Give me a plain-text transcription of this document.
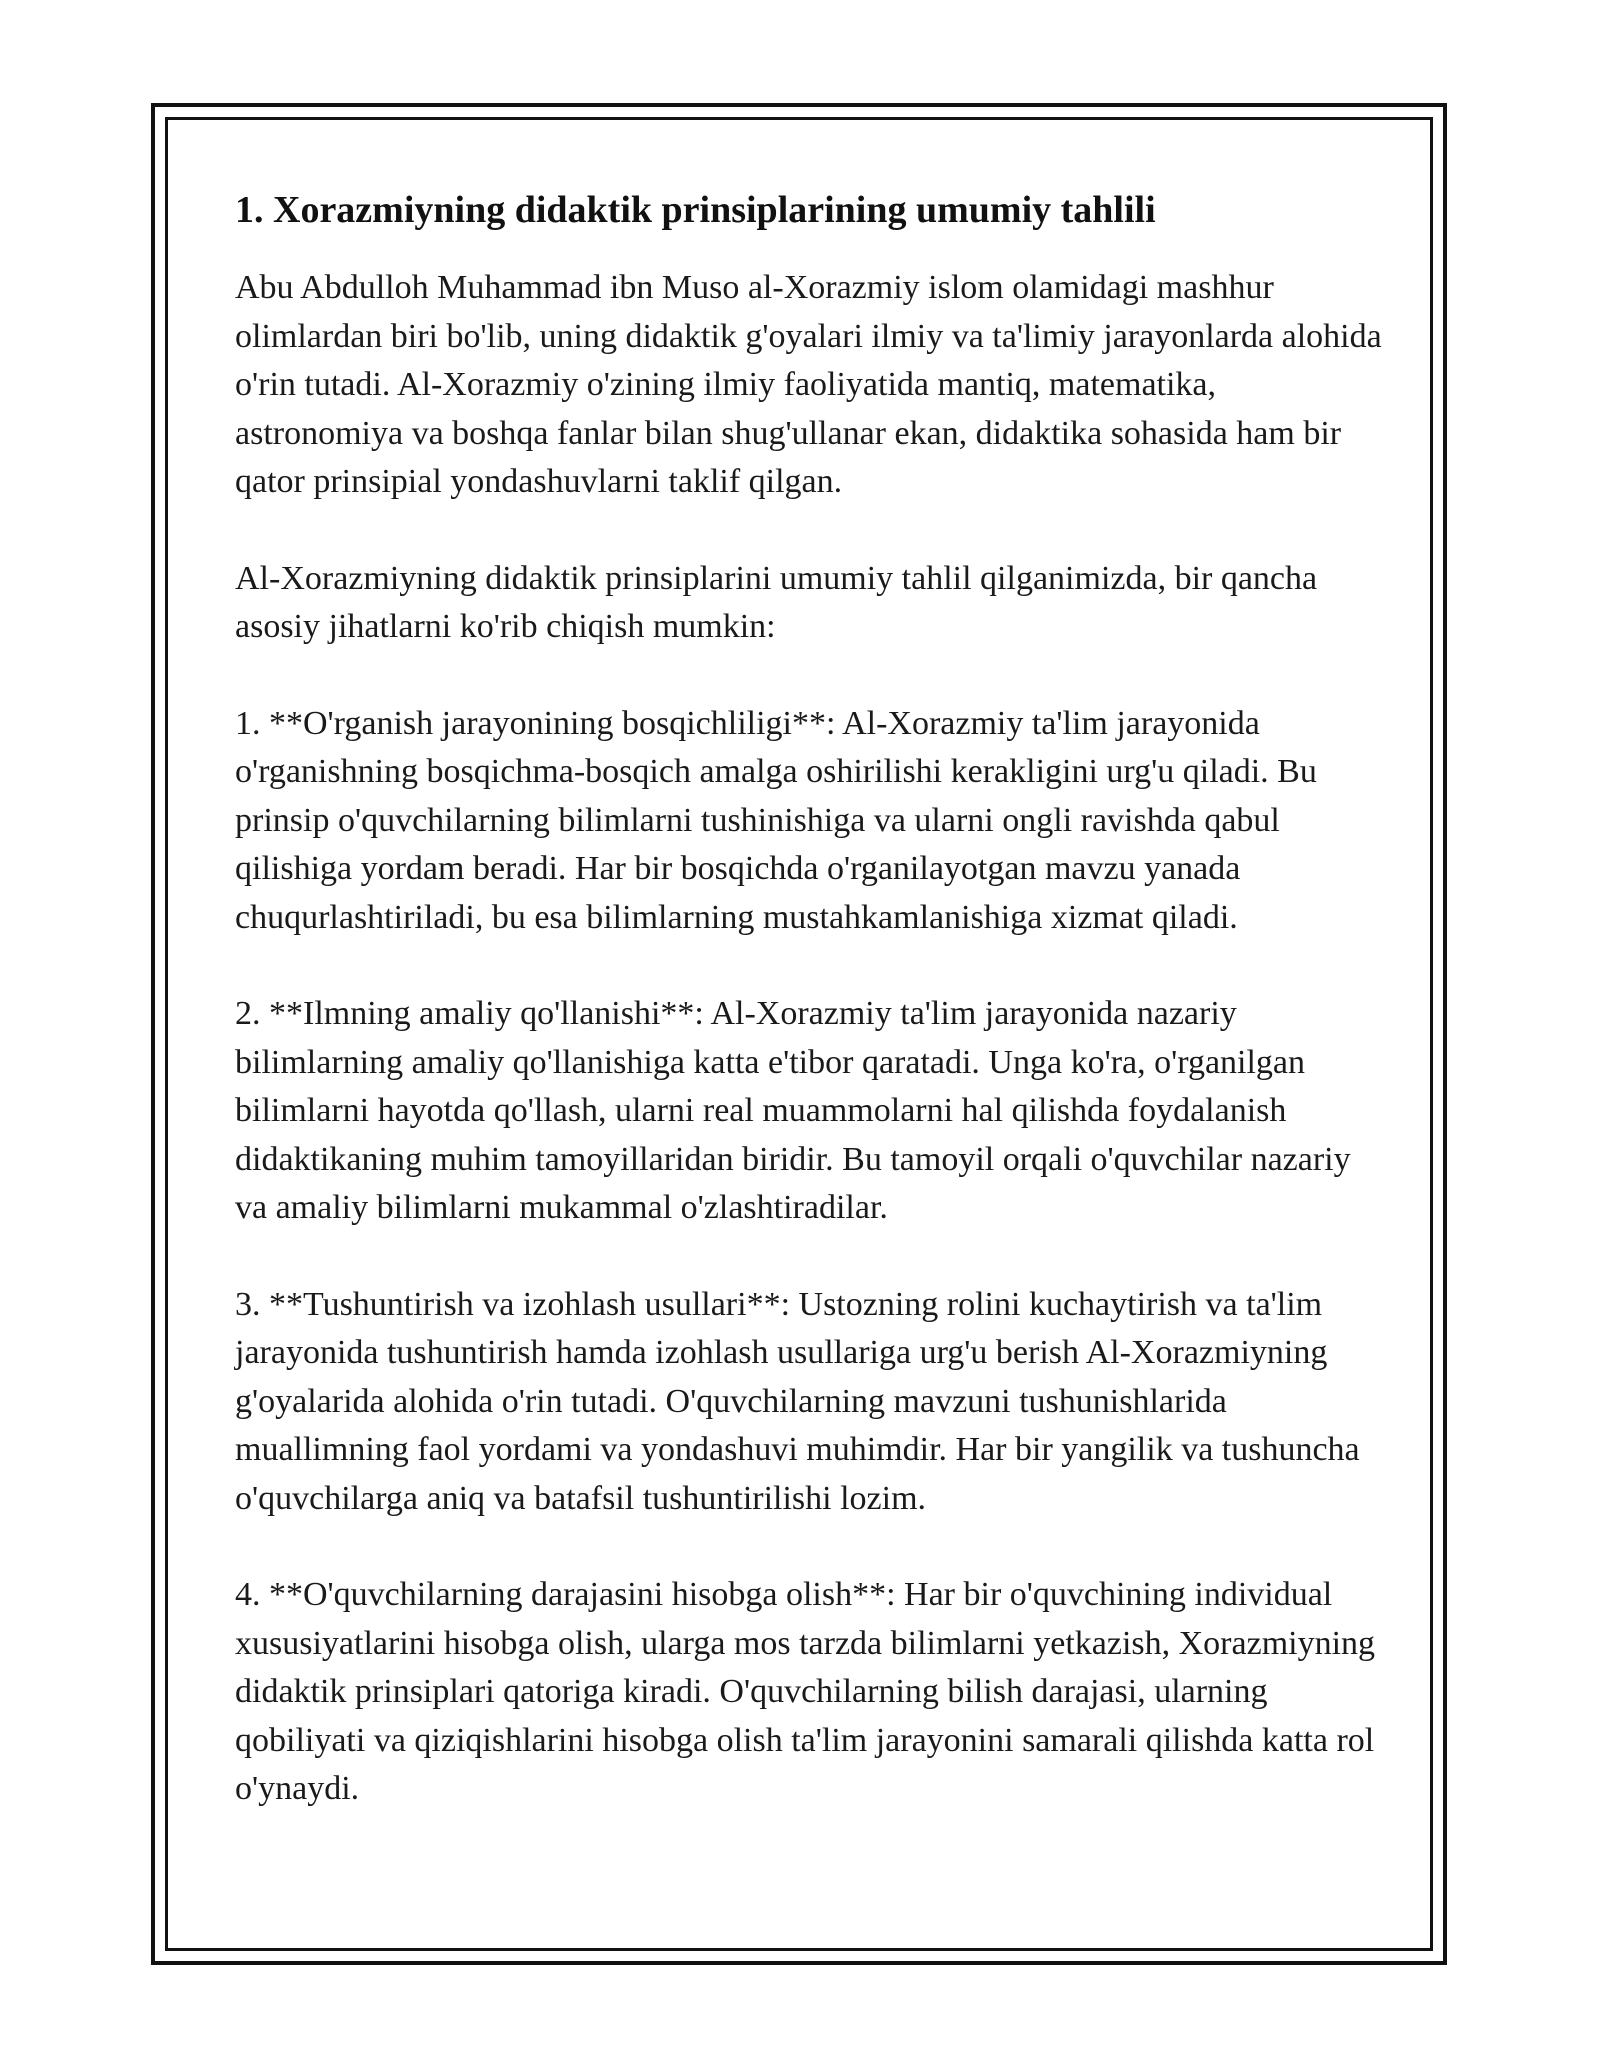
1. Xorazmiyning didaktik prinsiplarining umumiy tahlili

Abu Abdulloh Muhammad ibn Muso al-Xorazmiy islom olamidagi mashhur olimlardan biri bo'lib, uning didaktik g'oyalari ilmiy va ta'limiy jarayonlarda alohida o'rin tutadi. Al-Xorazmiy o'zining ilmiy faoliyatida mantiq, matematika, astronomiya va boshqa fanlar bilan shug'ullanar ekan, didaktika sohasida ham bir qator prinsipial yondashuvlarni taklif qilgan.

Al-Xorazmiyning didaktik prinsiplarini umumiy tahlil qilganimizda, bir qancha asosiy jihatlarni ko'rib chiqish mumkin:

1. **O'rganish jarayonining bosqichliligi**: Al-Xorazmiy ta'lim jarayonida o'rganishning bosqichma-bosqich amalga oshirilishi kerakligini urg'u qiladi. Bu prinsip o'quvchilarning bilimlarni tushinishiga va ularni ongli ravishda qabul qilishiga yordam beradi. Har bir bosqichda o'rganilayotgan mavzu yanada chuqurlashtiriladi, bu esa bilimlarning mustahkamlanishiga xizmat qiladi.

2. **Ilmning amaliy qo'llanishi**: Al-Xorazmiy ta'lim jarayonida nazariy bilimlarning amaliy qo'llanishiga katta e'tibor qaratadi. Unga ko'ra, o'rganilgan bilimlarni hayotda qo'llash, ularni real muammolarni hal qilishda foydalanish didaktikaning muhim tamoyillaridan biridir. Bu tamoyil orqali o'quvchilar nazariy va amaliy bilimlarni mukammal o'zlashtiradilar.

3. **Tushuntirish va izohlash usullari**: Ustozning rolini kuchaytirish va ta'lim jarayonida tushuntirish hamda izohlash usullariga urg'u berish Al-Xorazmiyning g'oyalarida alohida o'rin tutadi. O'quvchilarning mavzuni tushunishlarida muallimning faol yordami va yondashuvi muhimdir. Har bir yangilik va tushuncha o'quvchilarga aniq va batafsil tushuntirilishi lozim.

4. **O'quvchilarning darajasini hisobga olish**: Har bir o'quvchining individual xususiyatlarini hisobga olish, ularga mos tarzda bilimlarni yetkazish, Xorazmiyning didaktik prinsiplari qatoriga kiradi. O'quvchilarning bilish darajasi, ularning qobiliyati va qiziqishlarini hisobga olish ta'lim jarayonini samarali qilishda katta rol o'ynaydi.
